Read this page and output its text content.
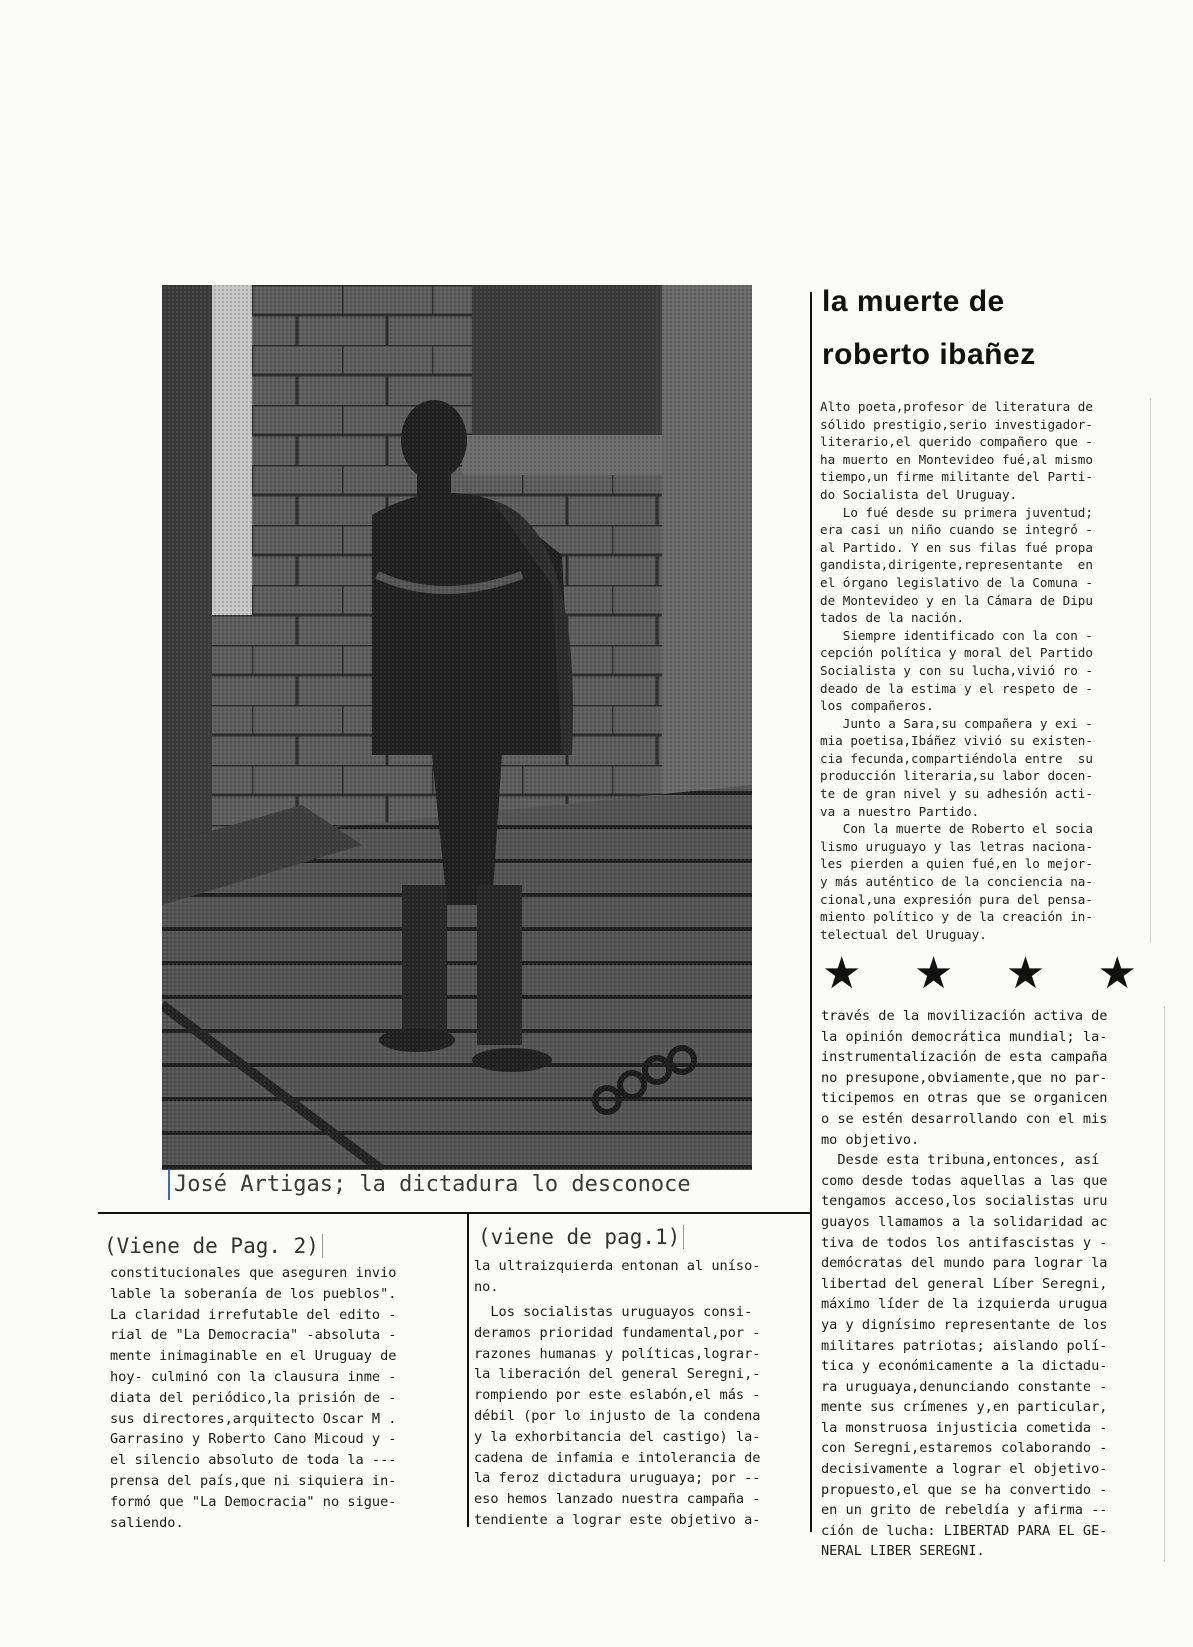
José Artigas; la dictadura lo desconoce
la muerte de
roberto ibañez
Alto poeta,profesor de literatura de
sólido prestigio,serio investigador-
literario,el querido compañero que -
ha muerto en Montevideo fué,al mismo
tiempo,un firme militante del Parti-
do Socialista del Uruguay.
Lo fué desde su primera juventud;
era casi un niño cuando se integró -
al Partido. Y en sus filas fué propa
gandista,dirigente,representante  en
el órgano legislativo de la Comuna -
de Montevideo y en la Cámara de Dipu
tados de la nación.
Siempre identificado con la con -
cepción política y moral del Partido
Socialista y con su lucha,vivió ro -
deado de la estima y el respeto de -
los compañeros.
Junto a Sara,su compañera y exi -
mia poetisa,Ibáñez vivió su existen-
cia fecunda,compartiéndola entre  su
producción literaria,su labor docen-
te de gran nivel y su adhesión acti-
va a nuestro Partido.
Con la muerte de Roberto el socia
lismo uruguayo y las letras naciona-
les pierden a quien fué,en lo mejor-
y más auténtico de la conciencia na-
cional,una expresión pura del pensa-
miento político y de la creación in-
telectual del Uruguay.
★ ★ ★ ★
través de la movilización activa de
la opinión democrática mundial; la-
instrumentalización de esta campaña
no presupone,obviamente,que no par-
ticipemos en otras que se organicen
o se estén desarrollando con el mis
mo objetivo.
Desde esta tribuna,entonces, así
como desde todas aquellas a las que
tengamos acceso,los socialistas uru
guayos llamamos a la solidaridad ac
tiva de todos los antifascistas y -
demócratas del mundo para lograr la
libertad del general Líber Seregni,
máximo líder de la izquierda urugua
ya y dignísimo representante de los
militares patriotas; aislando polí-
tica y económicamente a la dictadu-
ra uruguaya,denunciando constante -
mente sus crímenes y,en particular,
la monstruosa injusticia cometida -
con Seregni,estaremos colaborando -
decisivamente a lograr el objetivo-
propuesto,el que se ha convertido -
en un grito de rebeldía y afirma --
ción de lucha: LIBERTAD PARA EL GE-
NERAL LIBER SEREGNI.
(Viene de Pag. 2)
constitucionales que aseguren invio
lable la soberanía de los pueblos".
La claridad irrefutable del edito -
rial de "La Democracia" -absoluta -
mente inimaginable en el Uruguay de
hoy- culminó con la clausura inme -
diata del periódico,la prisión de -
sus directores,arquitecto Oscar M .
Garrasino y Roberto Cano Micoud y -
el silencio absoluto de toda la ---
prensa del país,que ni siquiera in-
formó que "La Democracia" no sigue-
saliendo.
(viene de pag.1)
la ultraizquierda entonan al uníso-
no.
Los socialistas uruguayos consi-
deramos prioridad fundamental,por -
razones humanas y políticas,lograr-
la liberación del general Seregni,-
rompiendo por este eslabón,el más -
débil (por lo injusto de la condena
y la exhorbitancia del castigo) la-
cadena de infamia e intolerancia de
la feroz dictadura uruguaya; por --
eso hemos lanzado nuestra campaña -
tendiente a lograr este objetivo a-
